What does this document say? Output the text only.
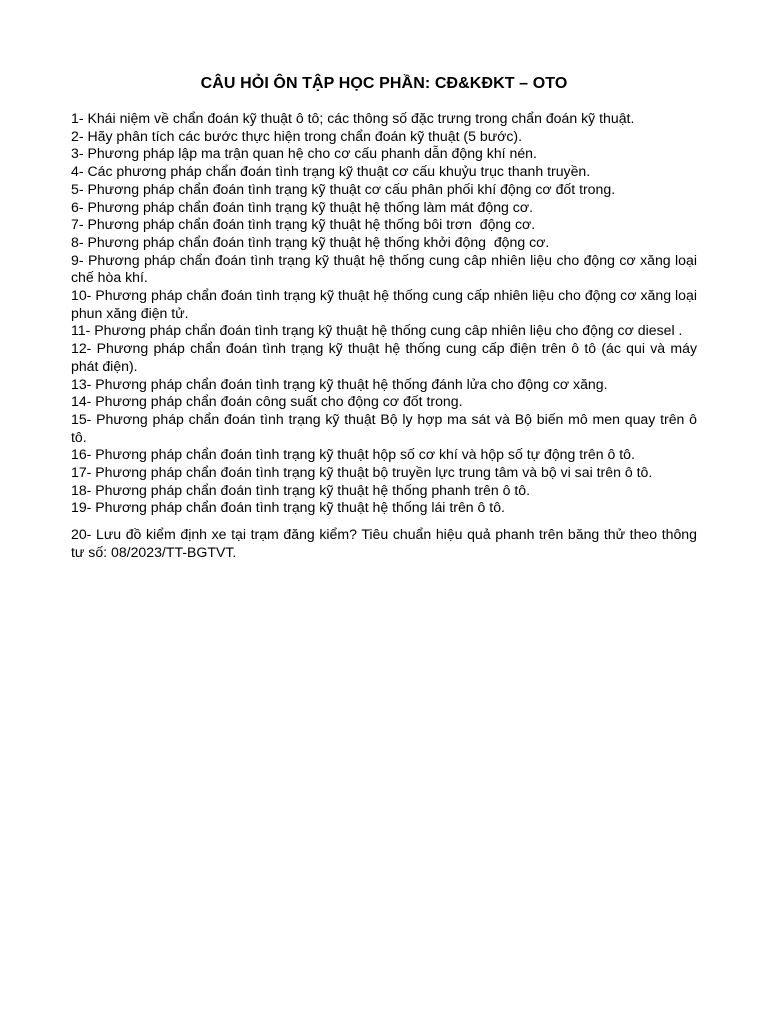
CÂU HỎI ÔN TẬP HỌC PHẦN: CĐ&KĐKT – OTO
1- Khái niệm về chẩn đoán kỹ thuật ô tô; các thông số đặc trưng trong chẩn đoán kỹ thuật.
2- Hãy phân tích các bước thực hiện trong chẩn đoán kỹ thuật (5 bước).
3- Phương pháp lập ma trận quan hệ cho cơ cấu phanh dẫn động khí nén.
4- Các phương pháp chẩn đoán tình trạng kỹ thuật cơ cấu khuỷu trục thanh truyền.
5- Phương pháp chẩn đoán tình trạng kỹ thuật cơ cấu phân phối khí động cơ đốt trong.
6- Phương pháp chẩn đoán tình trạng kỹ thuật hệ thống làm mát động cơ.
7- Phương pháp chẩn đoán tình trạng kỹ thuật hệ thống bôi trơn  động cơ.
8- Phương pháp chẩn đoán tình trạng kỹ thuật hệ thống khởi động  động cơ.
9- Phương pháp chẩn đoán tình trạng kỹ thuật hệ thống cung câp nhiên liệu cho động cơ xăng loại chế hòa khí.
10- Phương pháp chẩn đoán tình trạng kỹ thuật hệ thống cung cấp nhiên liệu cho động cơ xăng loại phun xăng điện tử.
11- Phương pháp chẩn đoán tình trạng kỹ thuật hệ thống cung câp nhiên liệu cho động cơ diesel .
12- Phương pháp chẩn đoán tình trạng kỹ thuật hệ thống cung cấp điện trên ô tô (ác qui và máy phát điện).
13- Phương pháp chẩn đoán tình trạng kỹ thuật hệ thống đánh lửa cho động cơ xăng.
14- Phương pháp chẩn đoán công suất cho động cơ đốt trong.
15- Phương pháp chẩn đoán tình trạng kỹ thuật Bộ ly hợp ma sát và Bộ biến mô men quay trên ô tô.
16- Phương pháp chẩn đoán tình trạng kỹ thuật hộp số cơ khí và hộp số tự động trên ô tô.
17- Phương pháp chẩn đoán tình trạng kỹ thuật bộ truyền lực trung tâm và bộ vi sai trên ô tô.
18- Phương pháp chẩn đoán tình trạng kỹ thuật hệ thống phanh trên ô tô.
19- Phương pháp chẩn đoán tình trạng kỹ thuật hệ thống lái trên ô tô.
20- Lưu đồ kiểm định xe tại trạm đăng kiểm? Tiêu chuẩn hiệu quả phanh trên băng thử theo thông tư số: 08/2023/TT-BGTVT.
